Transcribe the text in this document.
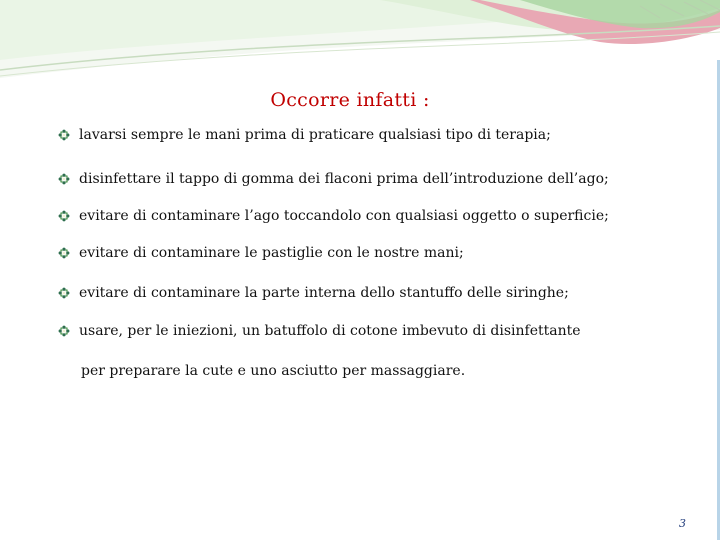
Occorre infatti :
lavarsi sempre le mani prima di praticare qualsiasi tipo di terapia;
disinfettare il tappo di gomma dei flaconi prima dell’introduzione dell’ago;
evitare di contaminare l’ago toccandolo con qualsiasi oggetto o superficie;
evitare di contaminare le pastiglie con le nostre mani;
evitare di contaminare la parte interna dello stantuffo delle siringhe;
usare, per le iniezioni, un batuffolo di cotone imbevuto di disinfettante
per preparare la cute e uno asciutto per massaggiare.
3
